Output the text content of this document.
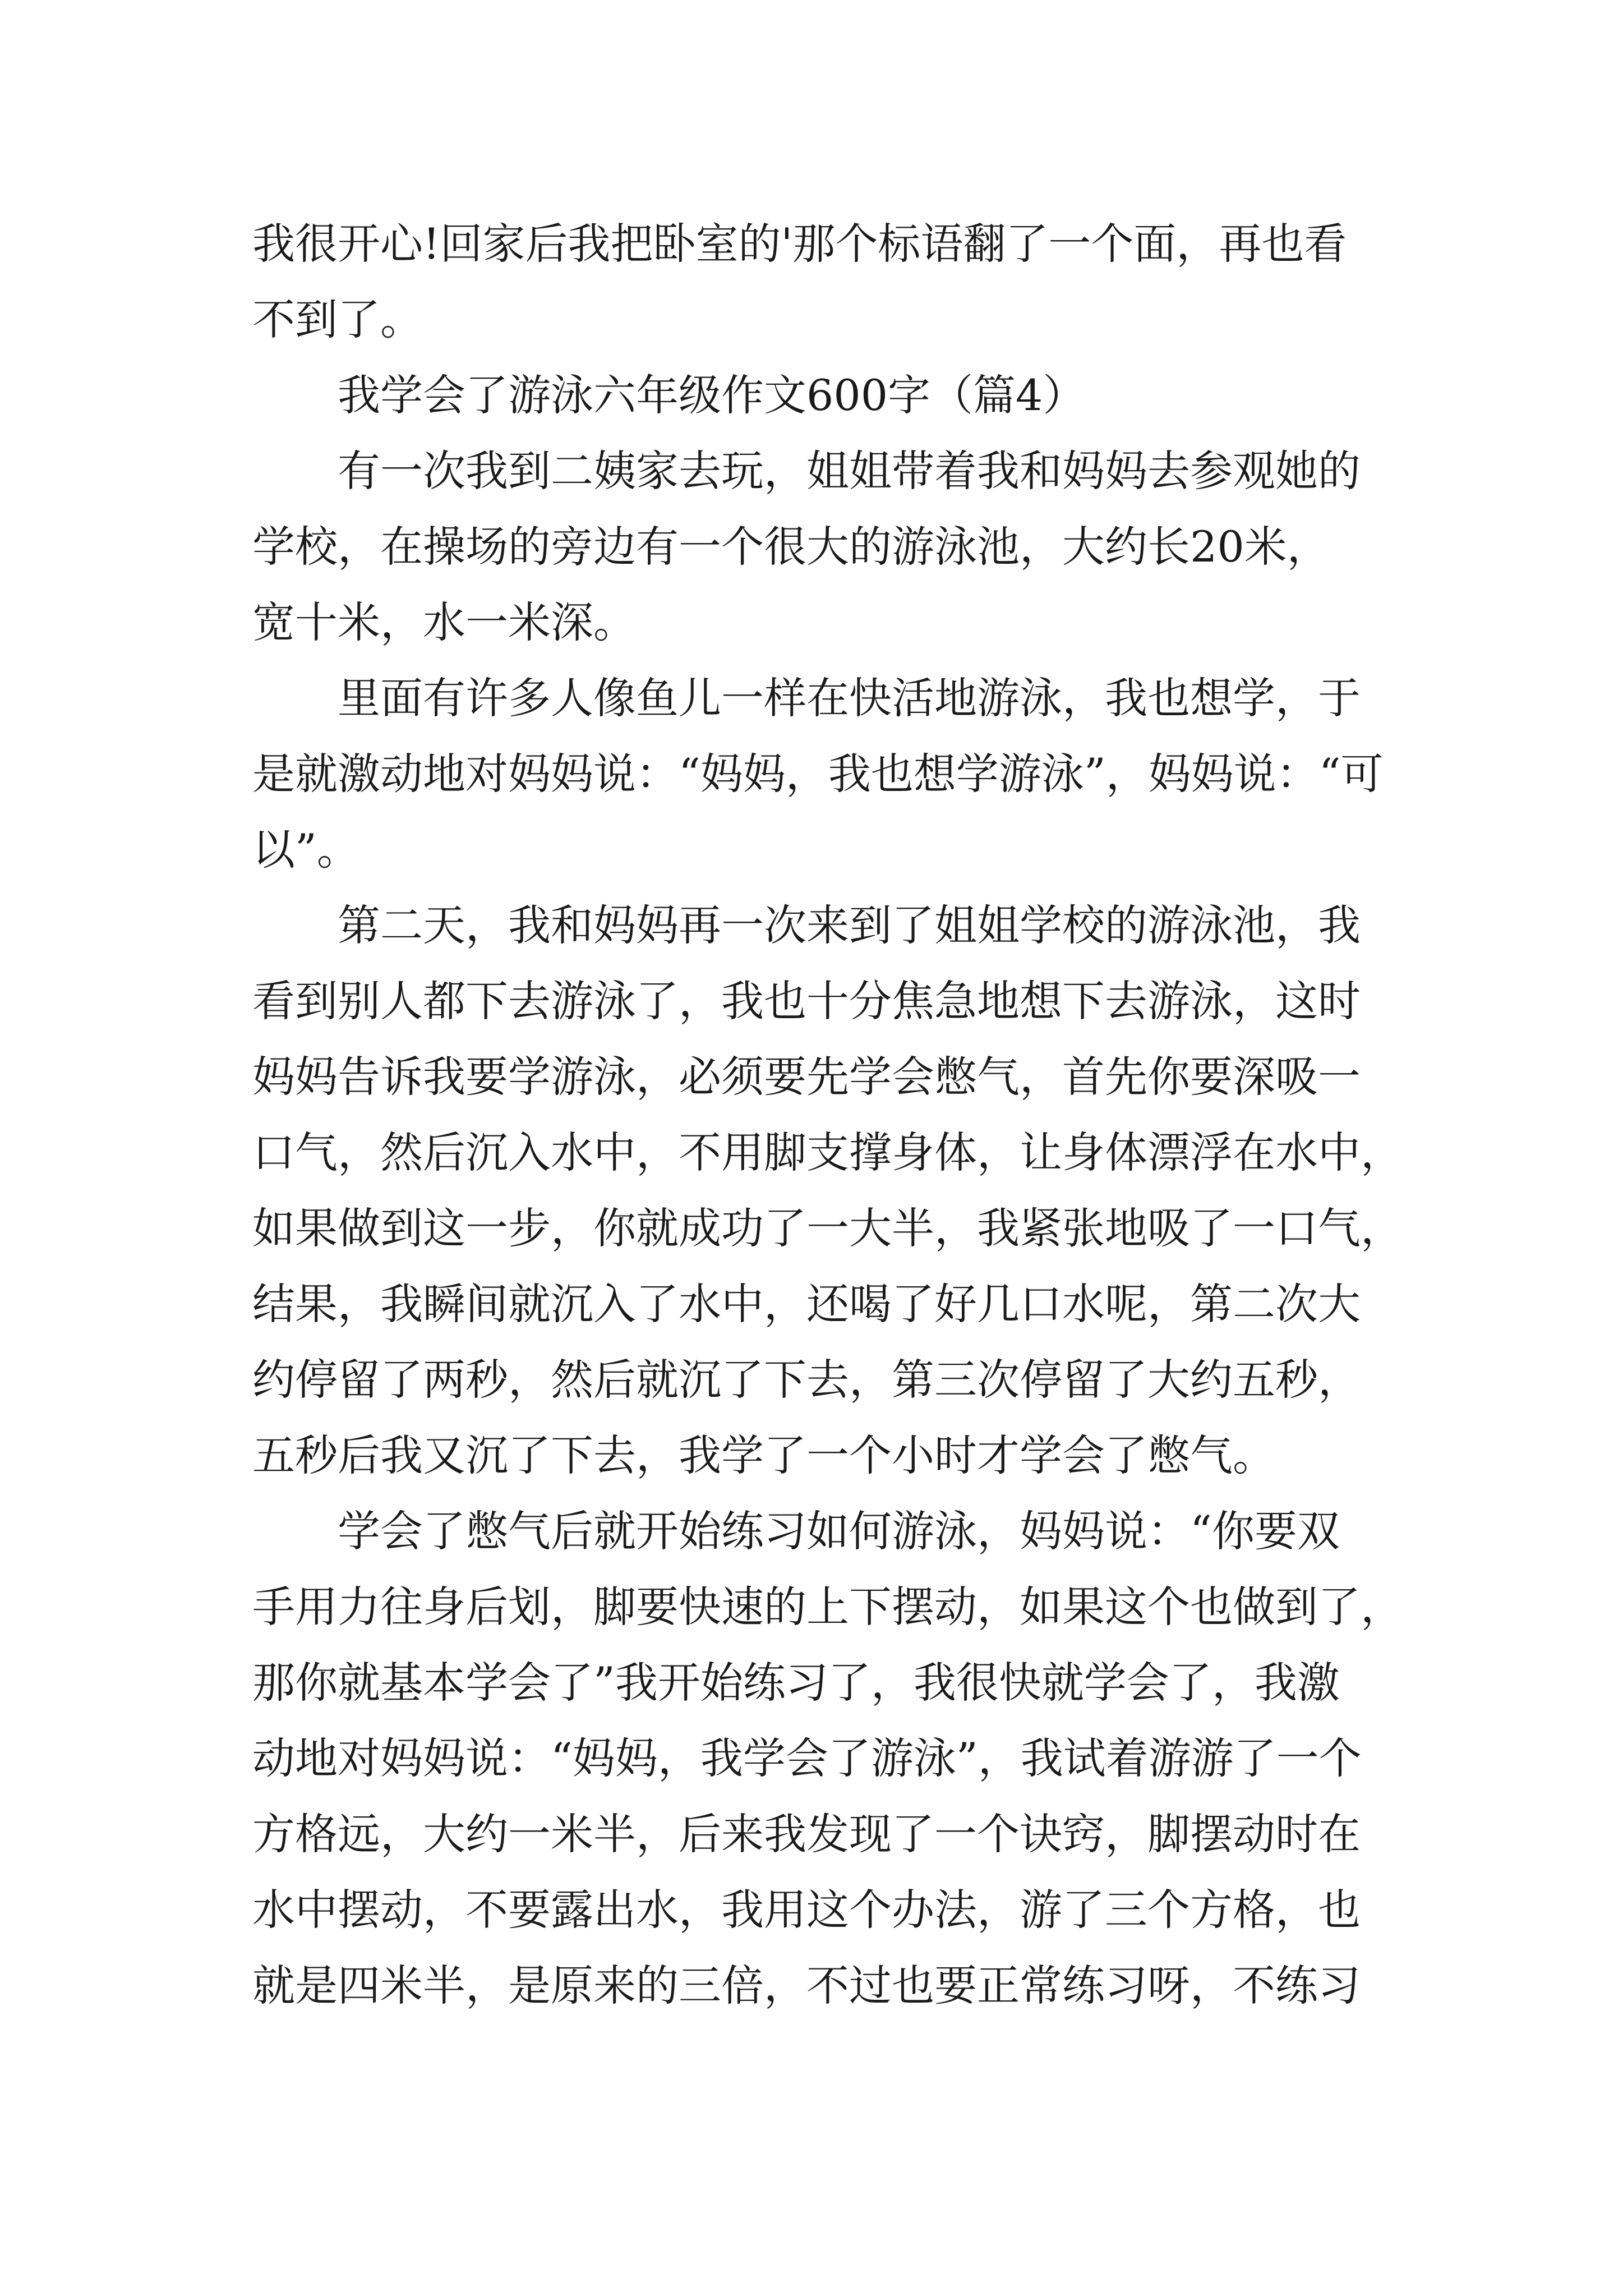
我很开心!回家后我把卧室的'那个标语翻了一个面，再也看
不到了。
我学会了游泳六年级作文600字（篇4）
有一次我到二姨家去玩，姐姐带着我和妈妈去参观她的
学校，在操场的旁边有一个很大的游泳池，大约长20米，
宽十米，水一米深。
里面有许多人像鱼儿一样在快活地游泳，我也想学，于
是就激动地对妈妈说：“妈妈，我也想学游泳”，妈妈说：“可
以”。
第二天，我和妈妈再一次来到了姐姐学校的游泳池，我
看到别人都下去游泳了，我也十分焦急地想下去游泳，这时
妈妈告诉我要学游泳，必须要先学会憋气，首先你要深吸一
口气，然后沉入水中，不用脚支撑身体，让身体漂浮在水中，
如果做到这一步，你就成功了一大半，我紧张地吸了一口气，
结果，我瞬间就沉入了水中，还喝了好几口水呢，第二次大
约停留了两秒，然后就沉了下去，第三次停留了大约五秒，
五秒后我又沉了下去，我学了一个小时才学会了憋气。
学会了憋气后就开始练习如何游泳，妈妈说：“你要双
手用力往身后划，脚要快速的上下摆动，如果这个也做到了，
那你就基本学会了”我开始练习了，我很快就学会了，我激
动地对妈妈说：“妈妈，我学会了游泳”，我试着游游了一个
方格远，大约一米半，后来我发现了一个诀窍，脚摆动时在
水中摆动，不要露出水，我用这个办法，游了三个方格，也
就是四米半，是原来的三倍，不过也要正常练习呀，不练习
